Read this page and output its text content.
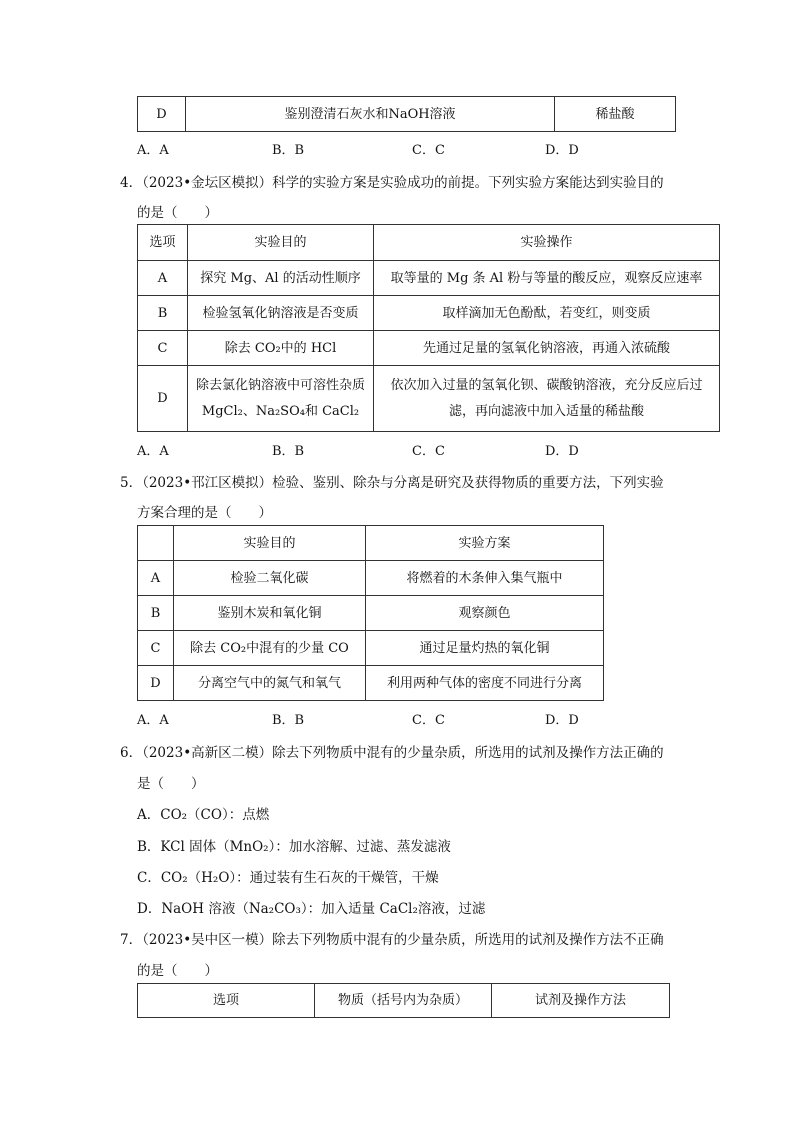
D	鉴别澄清石灰水和NaOH溶液	稀盐酸
A．A	B．B	C．C	D．D
4．（2023•金坛区模拟）科学的实验方案是实验成功的前提。下列实验方案能达到实验目的
的是（　　）
选项	实验目的	实验操作
A	探究 Mg、Al 的活动性顺序	取等量的 Mg 条 Al 粉与等量的酸反应，观察反应速率
B	检验氢氧化钠溶液是否变质	取样滴加无色酚酞，若变红，则变质
C	除去 CO₂中的 HCl	先通过足量的氢氧化钠溶液，再通入浓硫酸
D	除去氯化钠溶液中可溶性杂质 MgCl₂、Na₂SO₄和 CaCl₂	依次加入过量的氢氧化钡、碳酸钠溶液，充分反应后过滤，再向滤液中加入适量的稀盐酸
A．A	B．B	C．C	D．D
5．（2023•邗江区模拟）检验、鉴别、除杂与分离是研究及获得物质的重要方法，下列实验
方案合理的是（　　）
	实验目的	实验方案
A	检验二氧化碳	将燃着的木条伸入集气瓶中
B	鉴别木炭和氧化铜	观察颜色
C	除去 CO₂中混有的少量 CO	通过足量灼热的氧化铜
D	分离空气中的氮气和氧气	利用两种气体的密度不同进行分离
A．A	B．B	C．C	D．D
6．（2023•高新区二模）除去下列物质中混有的少量杂质，所选用的试剂及操作方法正确的
是（　　）
A．CO₂（CO）：点燃
B．KCl 固体（MnO₂）：加水溶解、过滤、蒸发滤液
C．CO₂（H₂O）：通过装有生石灰的干燥管，干燥
D．NaOH 溶液（Na₂CO₃）：加入适量 CaCl₂溶液，过滤
7．（2023•吴中区一模）除去下列物质中混有的少量杂质，所选用的试剂及操作方法不正确
的是（　　）
选项	物质（括号内为杂质）	试剂及操作方法
